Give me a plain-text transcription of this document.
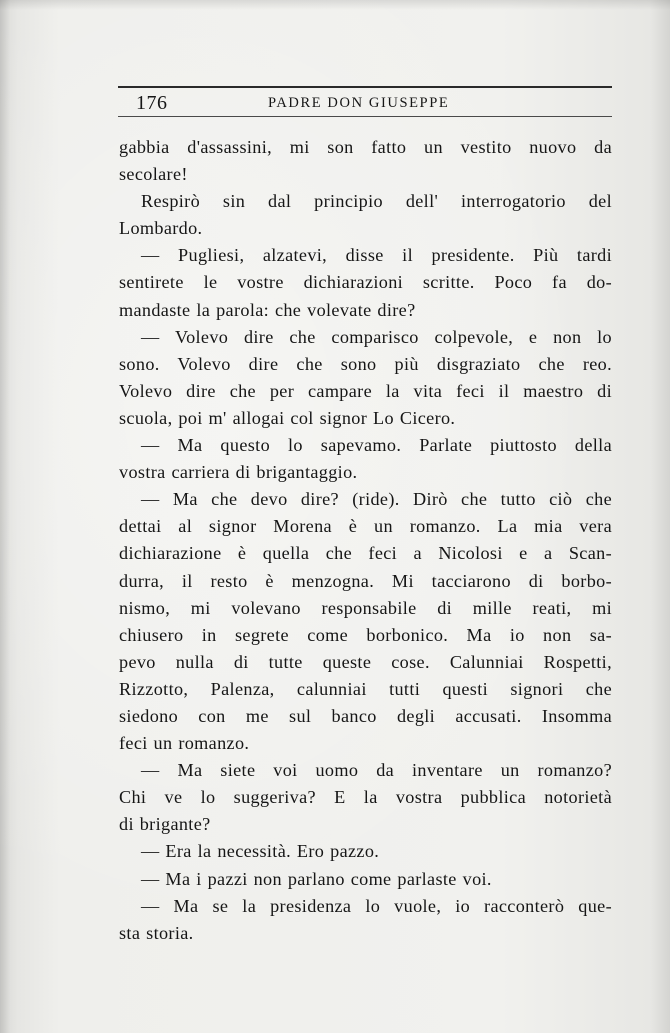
176	PADRE DON GIUSEPPE
gabbia d'assassini, mi son fatto un vestito nuovo da
secolare!
Respirò sin dal principio dell' interrogatorio del
Lombardo.
— Pugliesi, alzatevi, disse il presidente. Più tardi
sentirete le vostre dichiarazioni scritte. Poco fa do-
mandaste la parola: che volevate dire?
— Volevo dire che comparisco colpevole, e non lo
sono. Volevo dire che sono più disgraziato che reo.
Volevo dire che per campare la vita feci il maestro di
scuola, poi m' allogai col signor Lo Cicero.
— Ma questo lo sapevamo. Parlate piuttosto della
vostra carriera di brigantaggio.
— Ma che devo dire? (ride). Dirò che tutto ciò che
dettai al signor Morena è un romanzo. La mia vera
dichiarazione è quella che feci a Nicolosi e a Scan-
durra, il resto è menzogna. Mi tacciarono di borbo-
nismo, mi volevano responsabile di mille reati, mi
chiusero in segrete come borbonico. Ma io non sa-
pevo nulla di tutte queste cose. Calunniai Rospetti,
Rizzotto, Palenza, calunniai tutti questi signori che
siedono con me sul banco degli accusati. Insomma
feci un romanzo.
— Ma siete voi uomo da inventare un romanzo?
Chi ve lo suggeriva? E la vostra pubblica notorietà
di brigante?
— Era la necessità. Ero pazzo.
— Ma i pazzi non parlano come parlaste voi.
— Ma se la presidenza lo vuole, io racconterò que-
sta storia.
